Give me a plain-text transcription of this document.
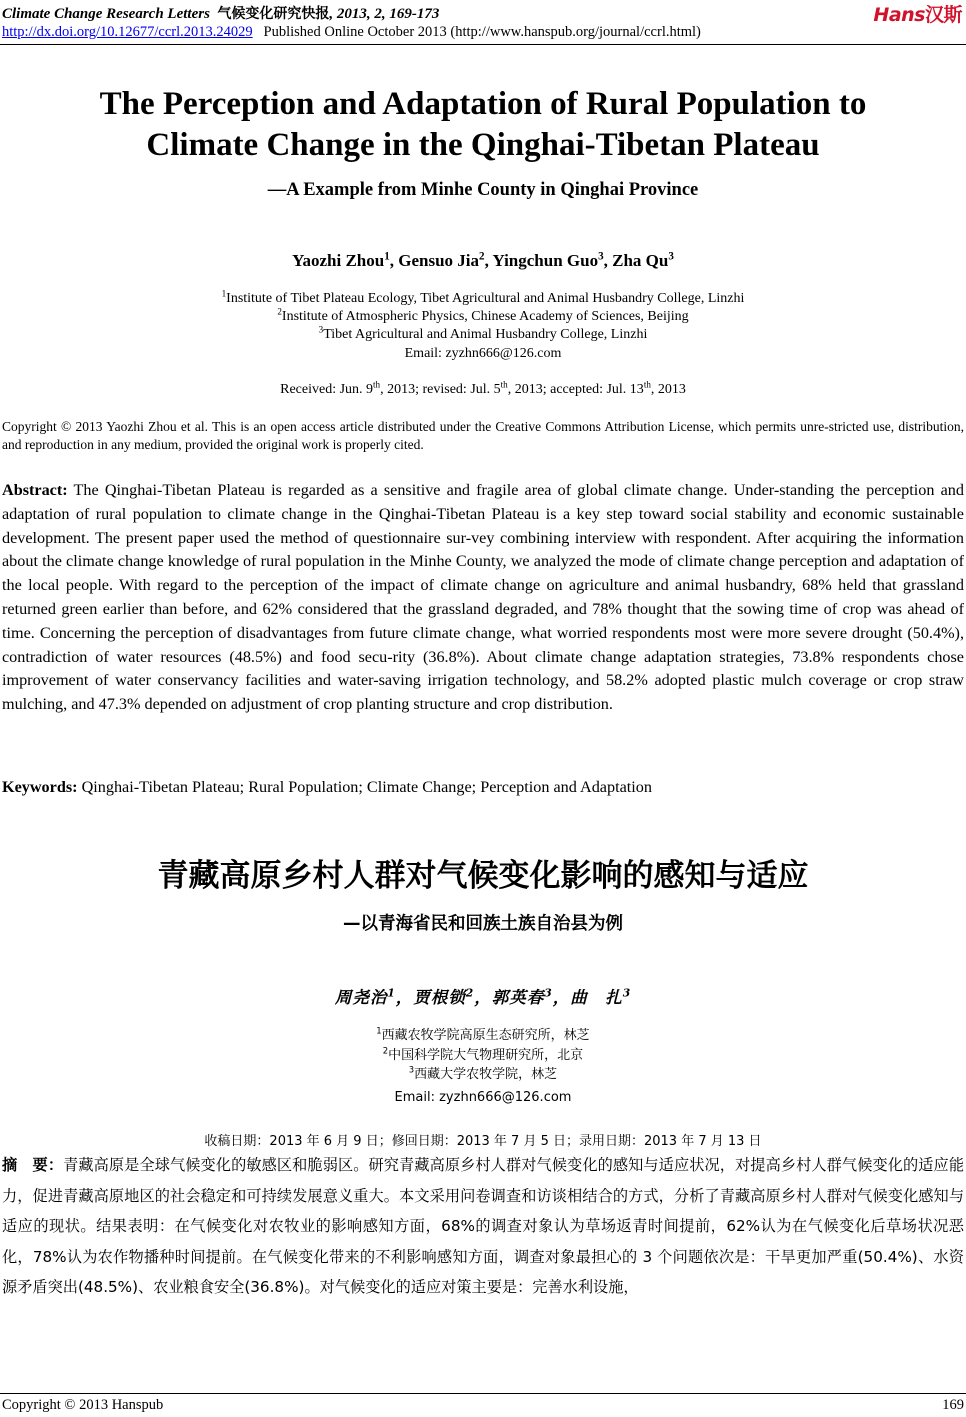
Climate Change Research Letters 气候变化研究快报, 2013, 2, 169-173
http://dx.doi.org/10.12677/ccrl.2013.24029 Published Online October 2013 (http://www.hanspub.org/journal/ccrl.html)
Hans汉斯
The Perception and Adaptation of Rural Population to
Climate Change in the Qinghai-Tibetan Plateau
—A Example from Minhe County in Qinghai Province
Yaozhi Zhou$^1$, Gensuo Jia$^2$, Yingchun Guo$^3$, Zha Qu$^3$
$^1$Institute of Tibet Plateau Ecology, Tibet Agricultural and Animal Husbandry College, Linzhi
$^2$Institute of Atmospheric Physics, Chinese Academy of Sciences, Beijing
$^3$Tibet Agricultural and Animal Husbandry College, Linzhi
Email: zyzhn666@126.com
Received: Jun. 9th, 2013; revised: Jul. 5th, 2013; accepted: Jul. 13th, 2013
Copyright © 2013 Yaozhi Zhou et al. This is an open access article distributed under the Creative Commons Attribution License, which permits unre-stricted use, distribution, and reproduction in any medium, provided the original work is properly cited.
Abstract: The Qinghai-Tibetan Plateau is regarded as a sensitive and fragile area of global climate change. Under-standing the perception and adaptation of rural population to climate change in the Qinghai-Tibetan Plateau is a key step toward social stability and economic sustainable development. The present paper used the method of questionnaire sur-vey combining interview with respondent. After acquiring the information about the climate change knowledge of rural population in the Minhe County, we analyzed the mode of climate change perception and adaptation of the local people. With regard to the perception of the impact of climate change on agriculture and animal husbandry, 68% held that grassland returned green earlier than before, and 62% considered that the grassland degraded, and 78% thought that the sowing time of crop was ahead of time. Concerning the perception of disadvantages from future climate change, what worried respondents most were more severe drought (50.4%), contradiction of water resources (48.5%) and food secu-rity (36.8%). About climate change adaptation strategies, 73.8% respondents chose improvement of water conservancy facilities and water-saving irrigation technology, and 58.2% adopted plastic mulch coverage or crop straw mulching, and 47.3% depended on adjustment of crop planting structure and crop distribution.
Keywords: Qinghai-Tibetan Plateau; Rural Population; Climate Change; Perception and Adaptation
青藏高原乡村人群对气候变化影响的感知与适应
—以青海省民和回族土族自治县为例
周尧治$^1$，贾根锁$^2$，郭英春$^3$，曲　扎$^3$
$^1$西藏农牧学院高原生态研究所，林芝
$^2$中国科学院大气物理研究所，北京
$^3$西藏大学农牧学院，林芝
Email: zyzhn666@126.com
收稿日期：2013 年 6 月 9 日；修回日期：2013 年 7 月 5 日；录用日期：2013 年 7 月 13 日
摘　要：青藏高原是全球气候变化的敏感区和脆弱区。研究青藏高原乡村人群对气候变化的感知与适应状况，对提高乡村人群气候变化的适应能力，促进青藏高原地区的社会稳定和可持续发展意义重大。本文采用问卷调查和访谈相结合的方式，分析了青藏高原乡村人群对气候变化感知与适应的现状。结果表明：在气候变化对农牧业的影响感知方面，68%的调查对象认为草场返青时间提前，62%认为在气候变化后草场状况恶化，78%认为农作物播种时间提前。在气候变化带来的不利影响感知方面，调查对象最担心的 3 个问题依次是：干旱更加严重(50.4%)、水资源矛盾突出(48.5%)、农业粮食安全(36.8%)。对气候变化的适应对策主要是：完善水利设施，
Copyright © 2013 Hanspub	169
